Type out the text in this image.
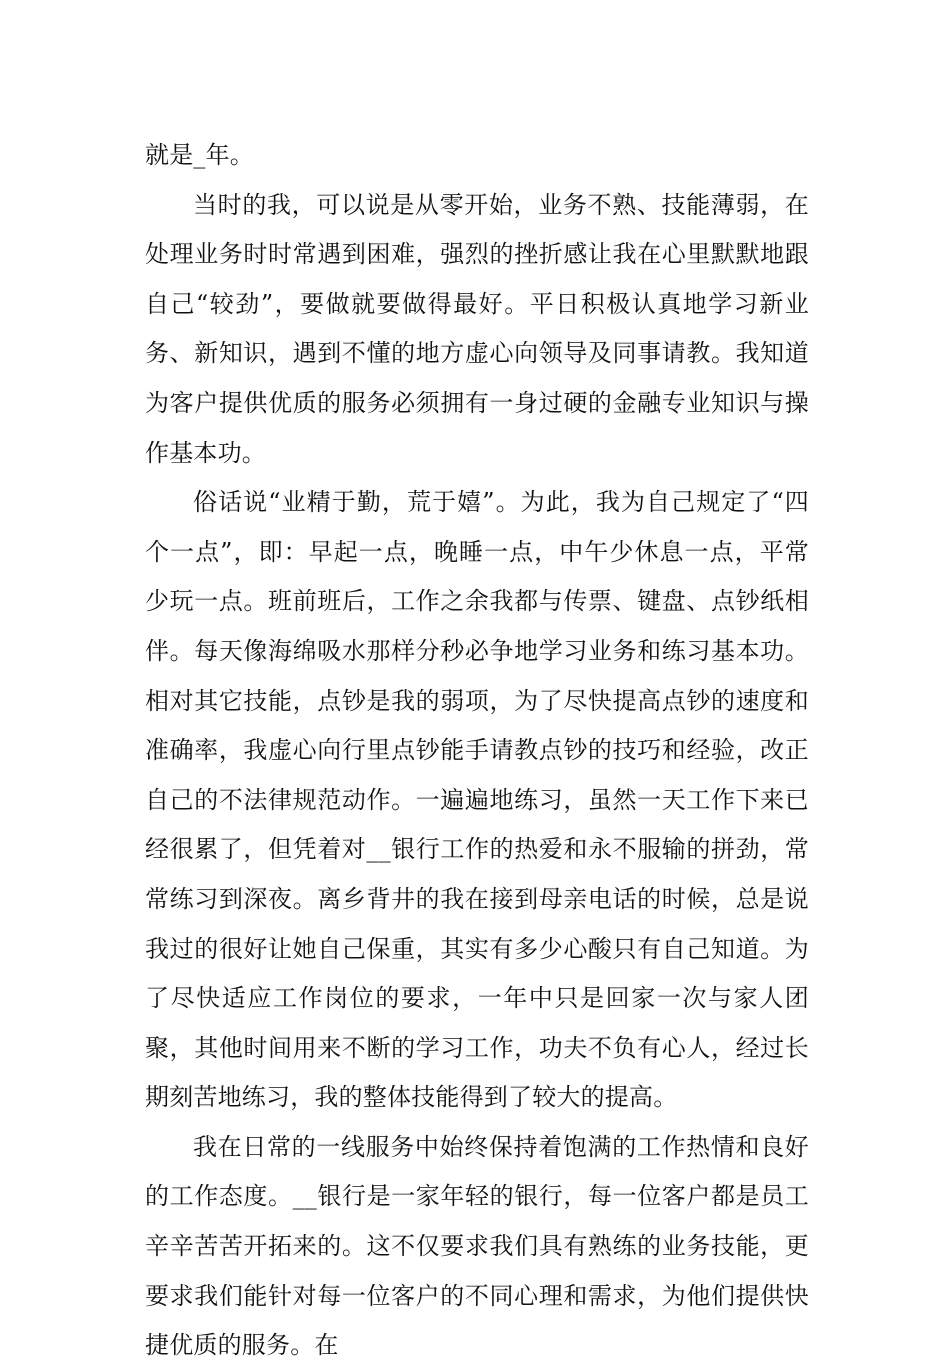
就是_年。

当时的我，可以说是从零开始，业务不熟、技能薄弱，在处理业务时时常遇到困难，强烈的挫折感让我在心里默默地跟自己“较劲”，要做就要做得最好。平日积极认真地学习新业务、新知识，遇到不懂的地方虚心向领导及同事请教。我知道为客户提供优质的服务必须拥有一身过硬的金融专业知识与操作基本功。

俗话说“业精于勤，荒于嬉”。为此，我为自己规定了“四个一点”，即：早起一点，晚睡一点，中午少休息一点，平常少玩一点。班前班后，工作之余我都与传票、键盘、点钞纸相伴。每天像海绵吸水那样分秒必争地学习业务和练习基本功。相对其它技能，点钞是我的弱项，为了尽快提高点钞的速度和准确率，我虚心向行里点钞能手请教点钞的技巧和经验，改正自己的不法律规范动作。一遍遍地练习，虽然一天工作下来已经很累了，但凭着对__银行工作的热爱和永不服输的拼劲，常常练习到深夜。离乡背井的我在接到母亲电话的时候，总是说我过的很好让她自己保重，其实有多少心酸只有自己知道。为了尽快适应工作岗位的要求，一年中只是回家一次与家人团聚，其他时间用来不断的学习工作，功夫不负有心人，经过长期刻苦地练习，我的整体技能得到了较大的提高。

我在日常的一线服务中始终保持着饱满的工作热情和良好的工作态度。__银行是一家年轻的银行，每一位客户都是员工辛辛苦苦开拓来的。这不仅要求我们具有熟练的业务技能，更要求我们能针对每一位客户的不同心理和需求，为他们提供快捷优质的服务。在
